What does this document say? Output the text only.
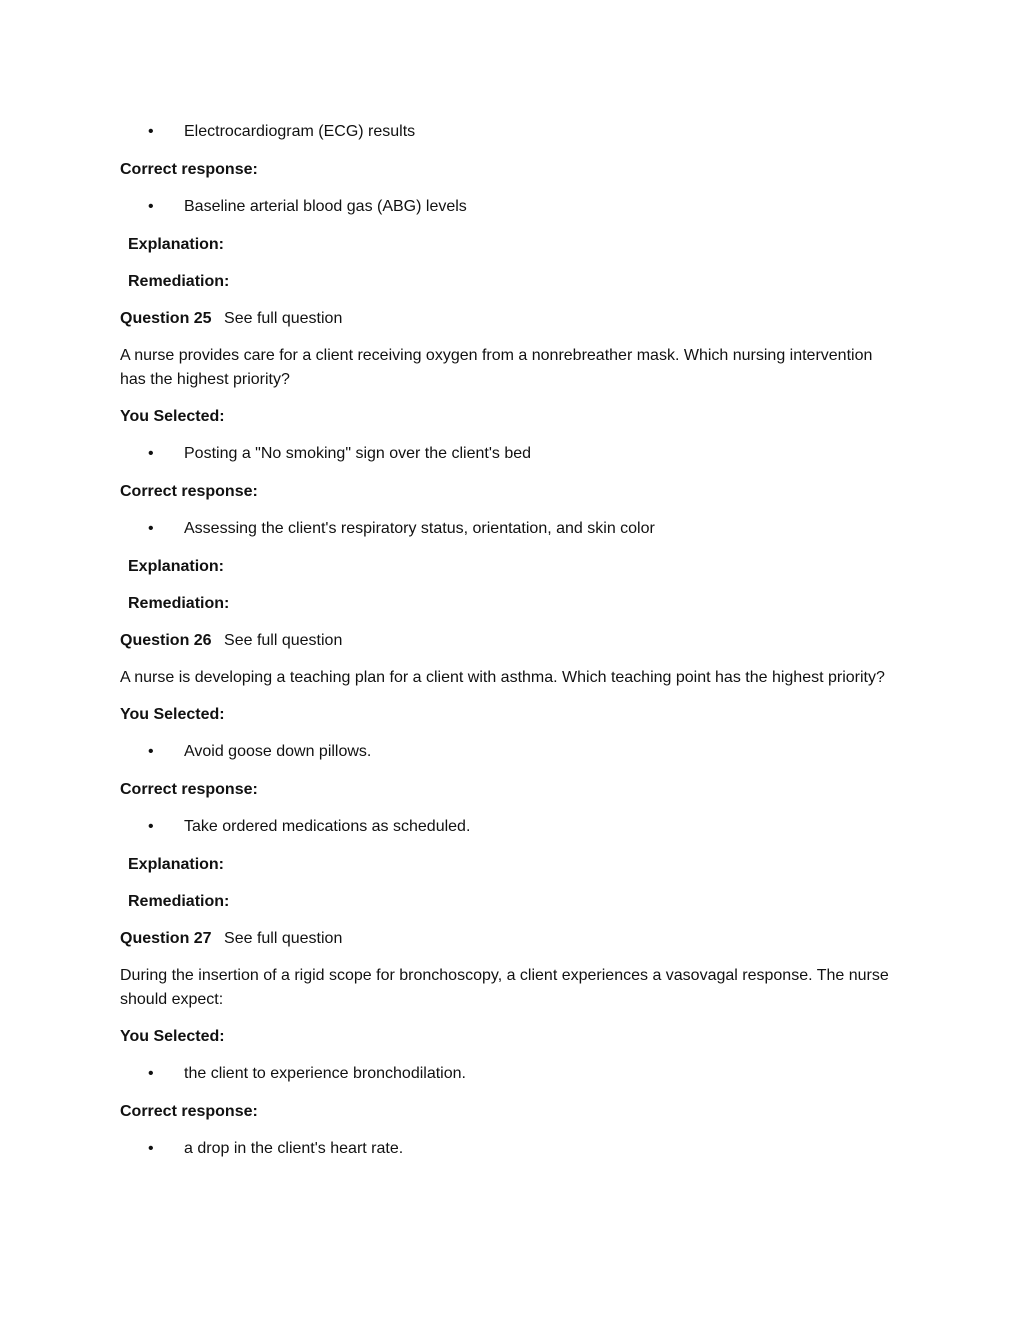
• Electrocardiogram (ECG) results
Correct response:
• Baseline arterial blood gas (ABG) levels
Explanation:
Remediation:
Question 25 See full question
A nurse provides care for a client receiving oxygen from a nonrebreather mask. Which nursing intervention has the highest priority?
You Selected:
• Posting a "No smoking" sign over the client's bed
Correct response:
• Assessing the client's respiratory status, orientation, and skin color
Explanation:
Remediation:
Question 26 See full question
A nurse is developing a teaching plan for a client with asthma. Which teaching point has the highest priority?
You Selected:
• Avoid goose down pillows.
Correct response:
• Take ordered medications as scheduled.
Explanation:
Remediation:
Question 27 See full question
During the insertion of a rigid scope for bronchoscopy, a client experiences a vasovagal response. The nurse should expect:
You Selected:
• the client to experience bronchodilation.
Correct response:
• a drop in the client's heart rate.
